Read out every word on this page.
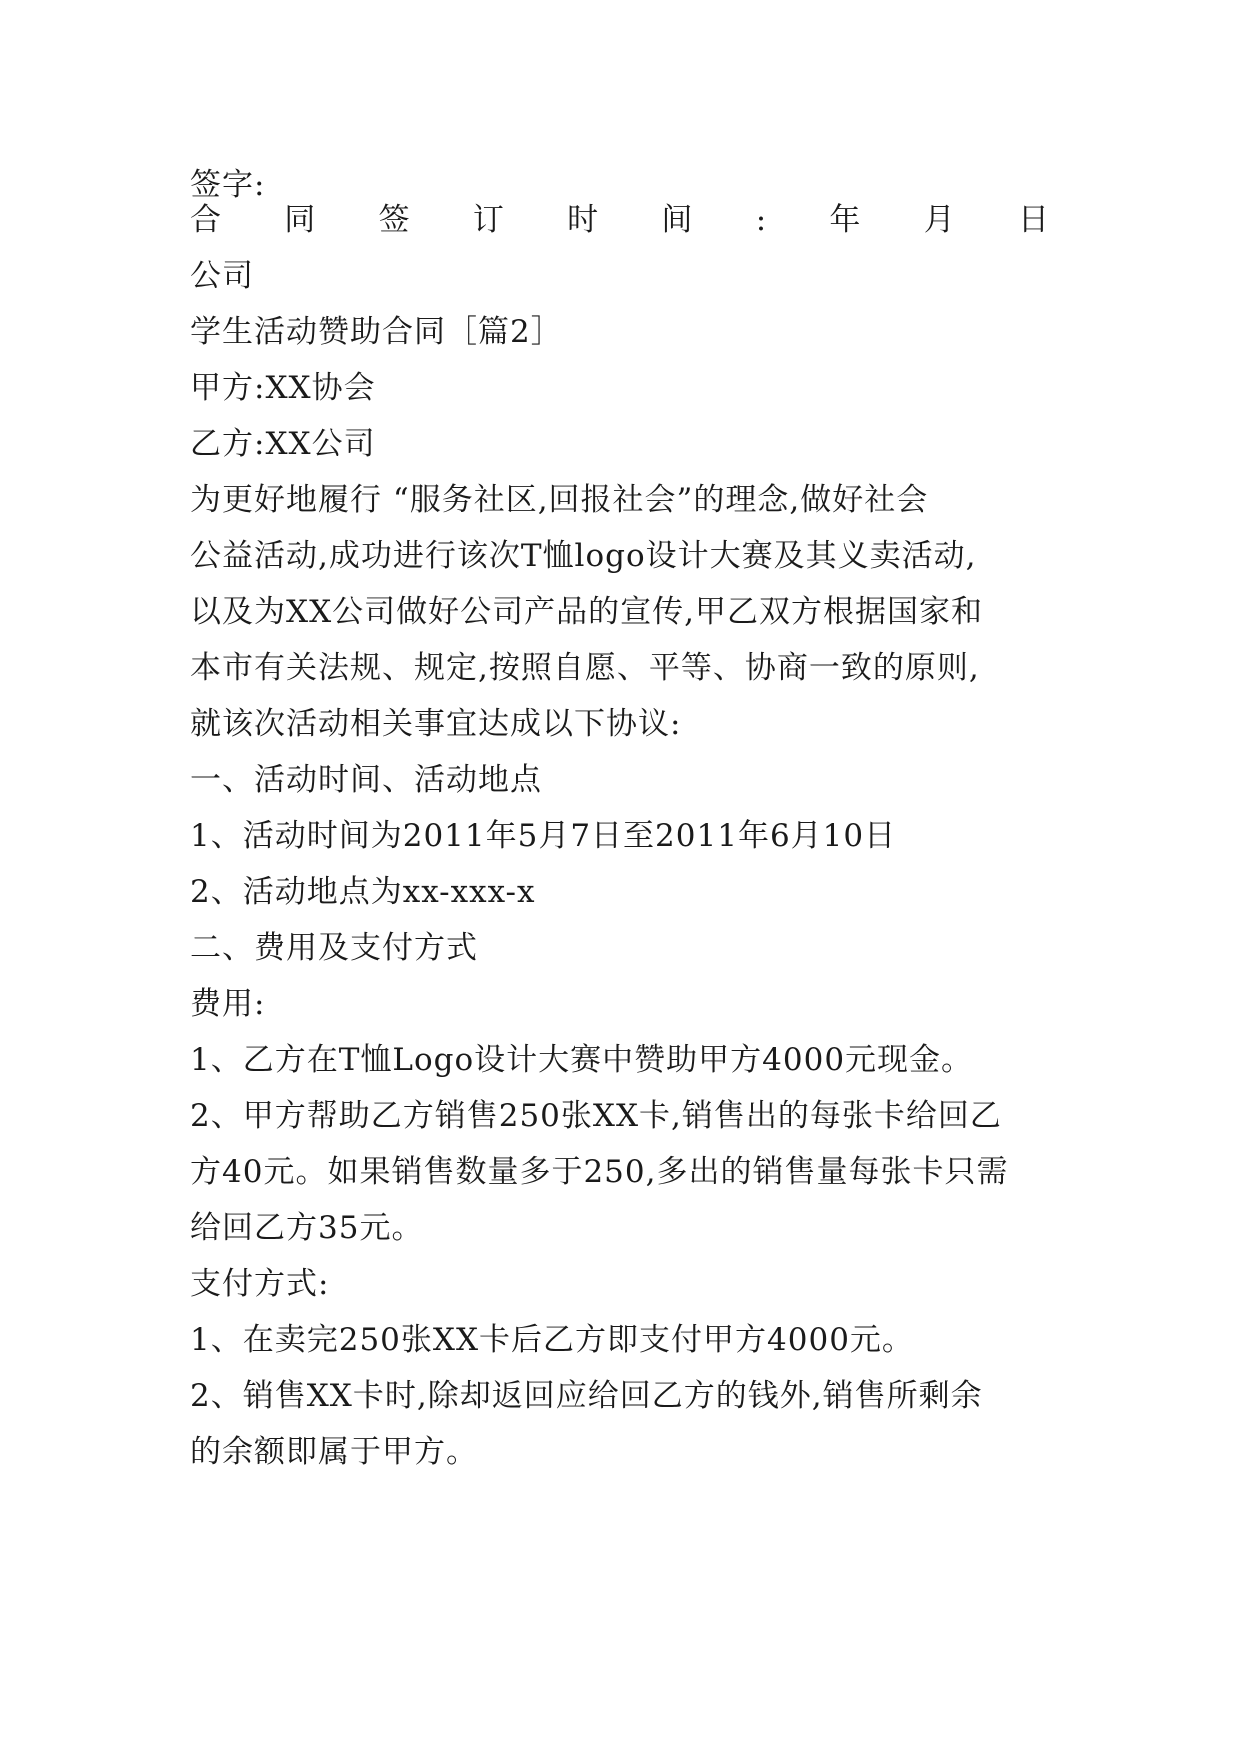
签字:
合 同 签 订 时 间 : 年 月 日
公司
学生活动赞助合同［篇2］
甲方:XX协会
乙方:XX公司
为更好地履行 “服务社区,回报社会”的理念,做好社会
公益活动,成功进行该次T恤logo设计大赛及其义卖活动,
以及为XX公司做好公司产品的宣传,甲乙双方根据国家和
本市有关法规、规定,按照自愿、平等、协商一致的原则,
就该次活动相关事宜达成以下协议:
一、活动时间、活动地点
1、活动时间为2011年5月7日至2011年6月10日
2、活动地点为xx-xxx-x
二、费用及支付方式
费用:
1、乙方在T恤Logo设计大赛中赞助甲方4000元现金。
2、甲方帮助乙方销售250张XX卡,销售出的每张卡给回乙
方40元。如果销售数量多于250,多出的销售量每张卡只需
给回乙方35元。
支付方式:
1、在卖完250张XX卡后乙方即支付甲方4000元。
2、销售XX卡时,除却返回应给回乙方的钱外,销售所剩余
的余额即属于甲方。
